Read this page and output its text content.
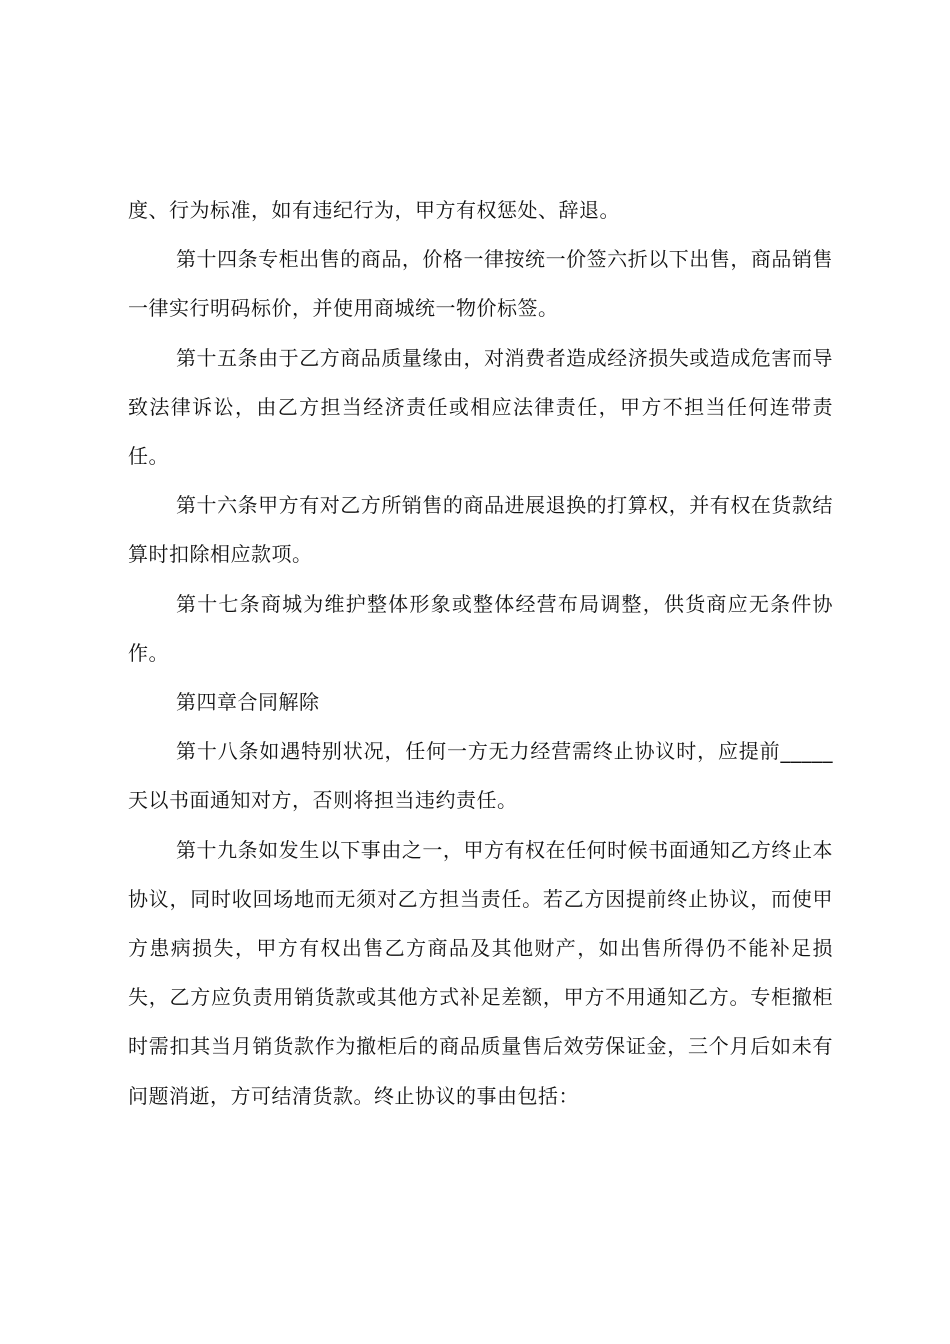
度、行为标准，如有违纪行为，甲方有权惩处、辞退。

第十四条专柜出售的商品，价格一律按统一价签六折以下出售，商品销售一律实行明码标价，并使用商城统一物价标签。

第十五条由于乙方商品质量缘由，对消费者造成经济损失或造成危害而导致法律诉讼，由乙方担当经济责任或相应法律责任，甲方不担当任何连带责任。

第十六条甲方有对乙方所销售的商品进展退换的打算权，并有权在货款结算时扣除相应款项。

第十七条商城为维护整体形象或整体经营布局调整，供货商应无条件协作。

第四章合同解除

第十八条如遇特别状况，任何一方无力经营需终止协议时，应提前_____天以书面通知对方，否则将担当违约责任。

第十九条如发生以下事由之一，甲方有权在任何时候书面通知乙方终止本协议，同时收回场地而无须对乙方担当责任。若乙方因提前终止协议，而使甲方患病损失，甲方有权出售乙方商品及其他财产，如出售所得仍不能补足损失，乙方应负责用销货款或其他方式补足差额，甲方不用通知乙方。专柜撤柜时需扣其当月销货款作为撤柜后的商品质量售后效劳保证金，三个月后如未有问题消逝，方可结清货款。终止协议的事由包括：
